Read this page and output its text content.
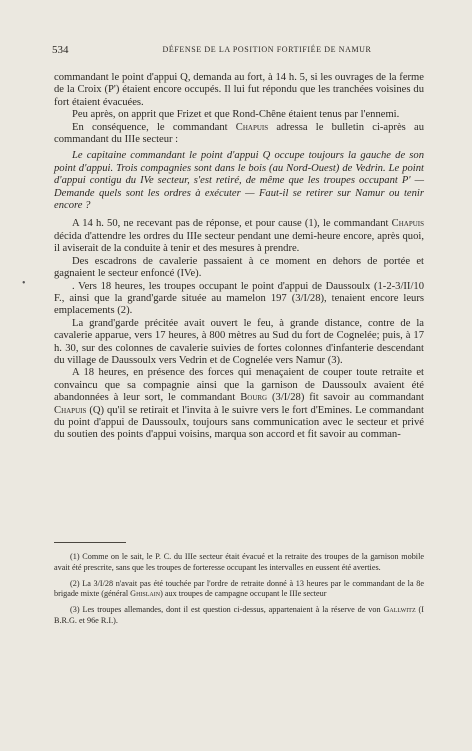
534	DÉFENSE DE LA POSITION FORTIFIÉE DE NAMUR
•

commandant le point d'appui Q, demanda au fort, à 14 h. 5, si les ouvrages de la ferme de la Croix (P') étaient encore occupés. Il lui fut répondu que les tranchées voisines du fort étaient évacuées.

Peu après, on apprit que Frizet et que Rond-Chêne étaient tenus par l'ennemi.

En conséquence, le commandant Chapuis adressa le bulletin ci-après au commandant du IIIe secteur :

Le capitaine commandant le point d'appui Q occupe toujours la gauche de son point d'appui. Trois compagnies sont dans le bois (au Nord-Ouest) de Vedrin. Le point d'appui contigu du IVe secteur, s'est retiré, de même que les troupes occupant P' — Demande quels sont les ordres à exécuter — Faut-il se retirer sur Namur ou tenir encore ?

A 14 h. 50, ne recevant pas de réponse, et pour cause (1), le commandant Chapuis décida d'attendre les ordres du IIIe secteur pendant une demi-heure encore, après quoi, il aviserait de la conduite à tenir et des mesures à prendre.

Des escadrons de cavalerie passaient à ce moment en dehors de portée et gagnaient le secteur enfoncé (IVe).

. Vers 18 heures, les troupes occupant le point d'appui de Daussoulx (1-2-3/II/10 F., ainsi que la grand'garde située au mamelon 197 (3/I/28), tenaient encore leurs emplacements (2).

La grand'garde précitée avait ouvert le feu, à grande distance, contre de la cavalerie apparue, vers 17 heures, à 800 mètres au Sud du fort de Cognelée; puis, à 17 h. 30, sur des colonnes de cavalerie suivies de fortes colonnes d'infanterie descendant du village de Daussoulx vers Vedrin et de Cognelée vers Namur (3).

A 18 heures, en présence des forces qui menaçaient de couper toute retraite et convaincu que sa compagnie ainsi que la garnison de Daussoulx avaient été abandonnées à leur sort, le commandant Bourg (3/I/28) fit savoir au commandant Chapuis (Q) qu'il se retirait et l'invita à le suivre vers le fort d'Emines. Le commandant du point d'appui de Daussoulx, toujours sans communication avec le secteur et privé du soutien des points d'appui voisins, marqua son accord et fit savoir au comman-

(1) Comme on le sait, le P. C. du IIIe secteur était évacué et la retraite des troupes de la garnison mobile avait été prescrite, sans que les troupes de forteresse occupant les intervalles en eussent été averties.

(2) La 3/I/28 n'avait pas été touchée par l'ordre de retraite donné à 13 heures par le commandant de la 8e brigade mixte (général Ghislain) aux troupes de campagne occupant le IIIe secteur

(3) Les troupes allemandes, dont il est question ci-dessus, appartenaient à la réserve de von Gallwitz (I B.R.G. et 96e R.I.).
